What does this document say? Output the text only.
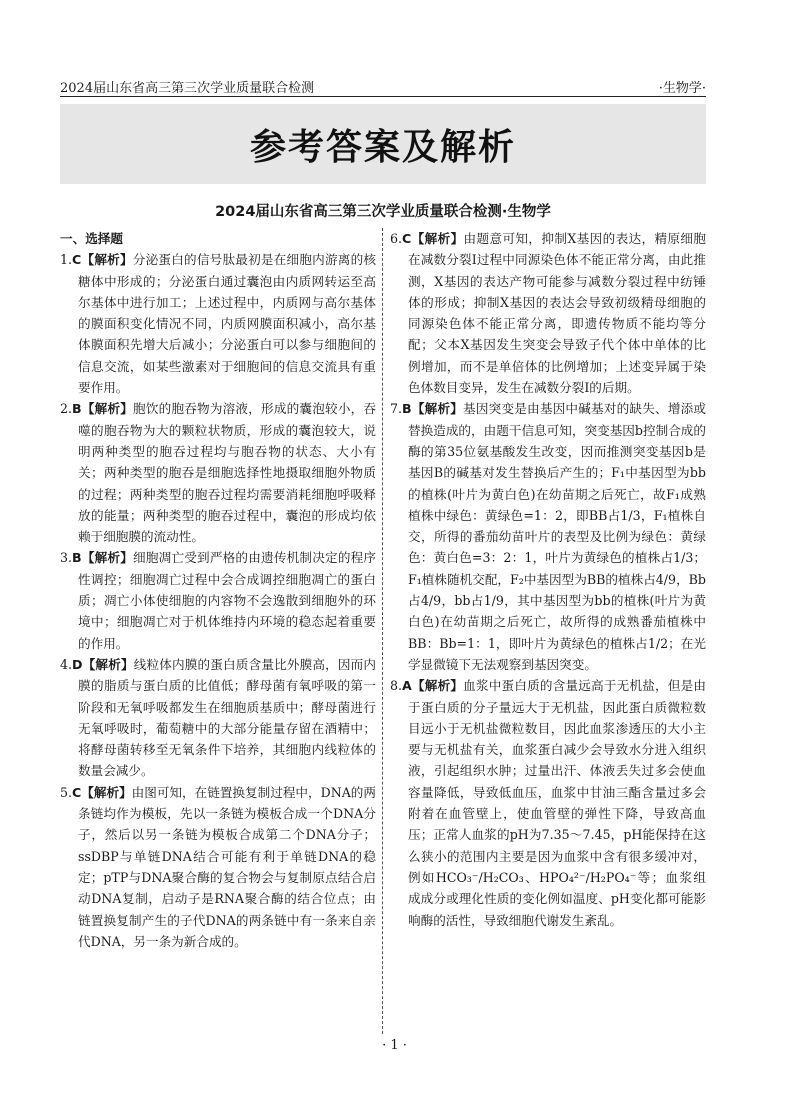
2024届山东省高三第三次学业质量联合检测	·生物学·
参考答案及解析
2024届山东省高三第三次学业质量联合检测·生物学

一、选择题

1.C【解析】分泌蛋白的信号肽最初是在细胞内游离的核糖体中形成的；分泌蛋白通过囊泡由内质网转运至高尔基体中进行加工；上述过程中，内质网与高尔基体的膜面积变化情况不同，内质网膜面积减小，高尔基体膜面积先增大后减小；分泌蛋白可以参与细胞间的信息交流，如某些激素对于细胞间的信息交流具有重要作用。

2.B【解析】胞饮的胞吞物为溶液，形成的囊泡较小，吞噬的胞吞物为大的颗粒状物质，形成的囊泡较大，说明两种类型的胞吞过程均与胞吞物的状态、大小有关；两种类型的胞吞是细胞选择性地摄取细胞外物质的过程；两种类型的胞吞过程均需要消耗细胞呼吸释放的能量；两种类型的胞吞过程中，囊泡的形成均依赖于细胞膜的流动性。

3.B【解析】细胞凋亡受到严格的由遗传机制决定的程序性调控；细胞凋亡过程中会合成调控细胞凋亡的蛋白质；凋亡小体使细胞的内容物不会逸散到细胞外的环境中；细胞凋亡对于机体维持内环境的稳态起着重要的作用。

4.D【解析】线粒体内膜的蛋白质含量比外膜高，因而内膜的脂质与蛋白质的比值低；酵母菌有氧呼吸的第一阶段和无氧呼吸都发生在细胞质基质中；酵母菌进行无氧呼吸时，葡萄糖中的大部分能量存留在酒精中；将酵母菌转移至无氧条件下培养，其细胞内线粒体的数量会减少。

5.C【解析】由图可知，在链置换复制过程中，DNA的两条链均作为模板，先以一条链为模板合成一个DNA分子，然后以另一条链为模板合成第二个DNA分子；ssDBP与单链DNA结合可能有利于单链DNA的稳定；pTP与DNA聚合酶的复合物会与复制原点结合启动DNA复制，启动子是RNA聚合酶的结合位点；由链置换复制产生的子代DNA的两条链中有一条来自亲代DNA，另一条为新合成的。

6.C【解析】由题意可知，抑制X基因的表达，精原细胞在减数分裂Ⅰ过程中同源染色体不能正常分离，由此推测，X基因的表达产物可能参与减数分裂过程中纺锤体的形成；抑制X基因的表达会导致初级精母细胞的同源染色体不能正常分离，即遗传物质不能均等分配；父本X基因发生突变会导致子代个体中单体的比例增加，而不是单倍体的比例增加；上述变异属于染色体数目变异，发生在减数分裂Ⅰ的后期。

7.B【解析】基因突变是由基因中碱基对的缺失、增添或替换造成的，由题干信息可知，突变基因b控制合成的酶的第35位氨基酸发生改变，因而推测突变基因b是基因B的碱基对发生替换后产生的；F₁中基因型为bb的植株(叶片为黄白色)在幼苗期之后死亡，故F₁成熟植株中绿色：黄绿色=1：2，即BB占1/3，F₁植株自交，所得的番茄幼苗叶片的表型及比例为绿色：黄绿色：黄白色=3：2：1，叶片为黄绿色的植株占1/3；F₁植株随机交配，F₂中基因型为BB的植株占4/9，Bb占4/9，bb占1/9，其中基因型为bb的植株(叶片为黄白色)在幼苗期之后死亡，故所得的成熟番茄植株中BB：Bb=1：1，即叶片为黄绿色的植株占1/2；在光学显微镜下无法观察到基因突变。

8.A【解析】血浆中蛋白质的含量远高于无机盐，但是由于蛋白质的分子量远大于无机盐，因此蛋白质微粒数目远小于无机盐微粒数目，因此血浆渗透压的大小主要与无机盐有关，血浆蛋白减少会导致水分进入组织液，引起组织水肿；过量出汗、体液丢失过多会使血容量降低，导致低血压，血浆中甘油三酯含量过多会附着在血管壁上，使血管壁的弹性下降，导致高血压；正常人血浆的pH为7.35～7.45，pH能保持在这么狭小的范围内主要是因为血浆中含有很多缓冲对，例如HCO₃⁻/H₂CO₃、HPO₄²⁻/H₂PO₄⁻等；血浆组成成分或理化性质的变化例如温度、pH变化都可能影响酶的活性，导致细胞代谢发生紊乱。

· 1 ·
